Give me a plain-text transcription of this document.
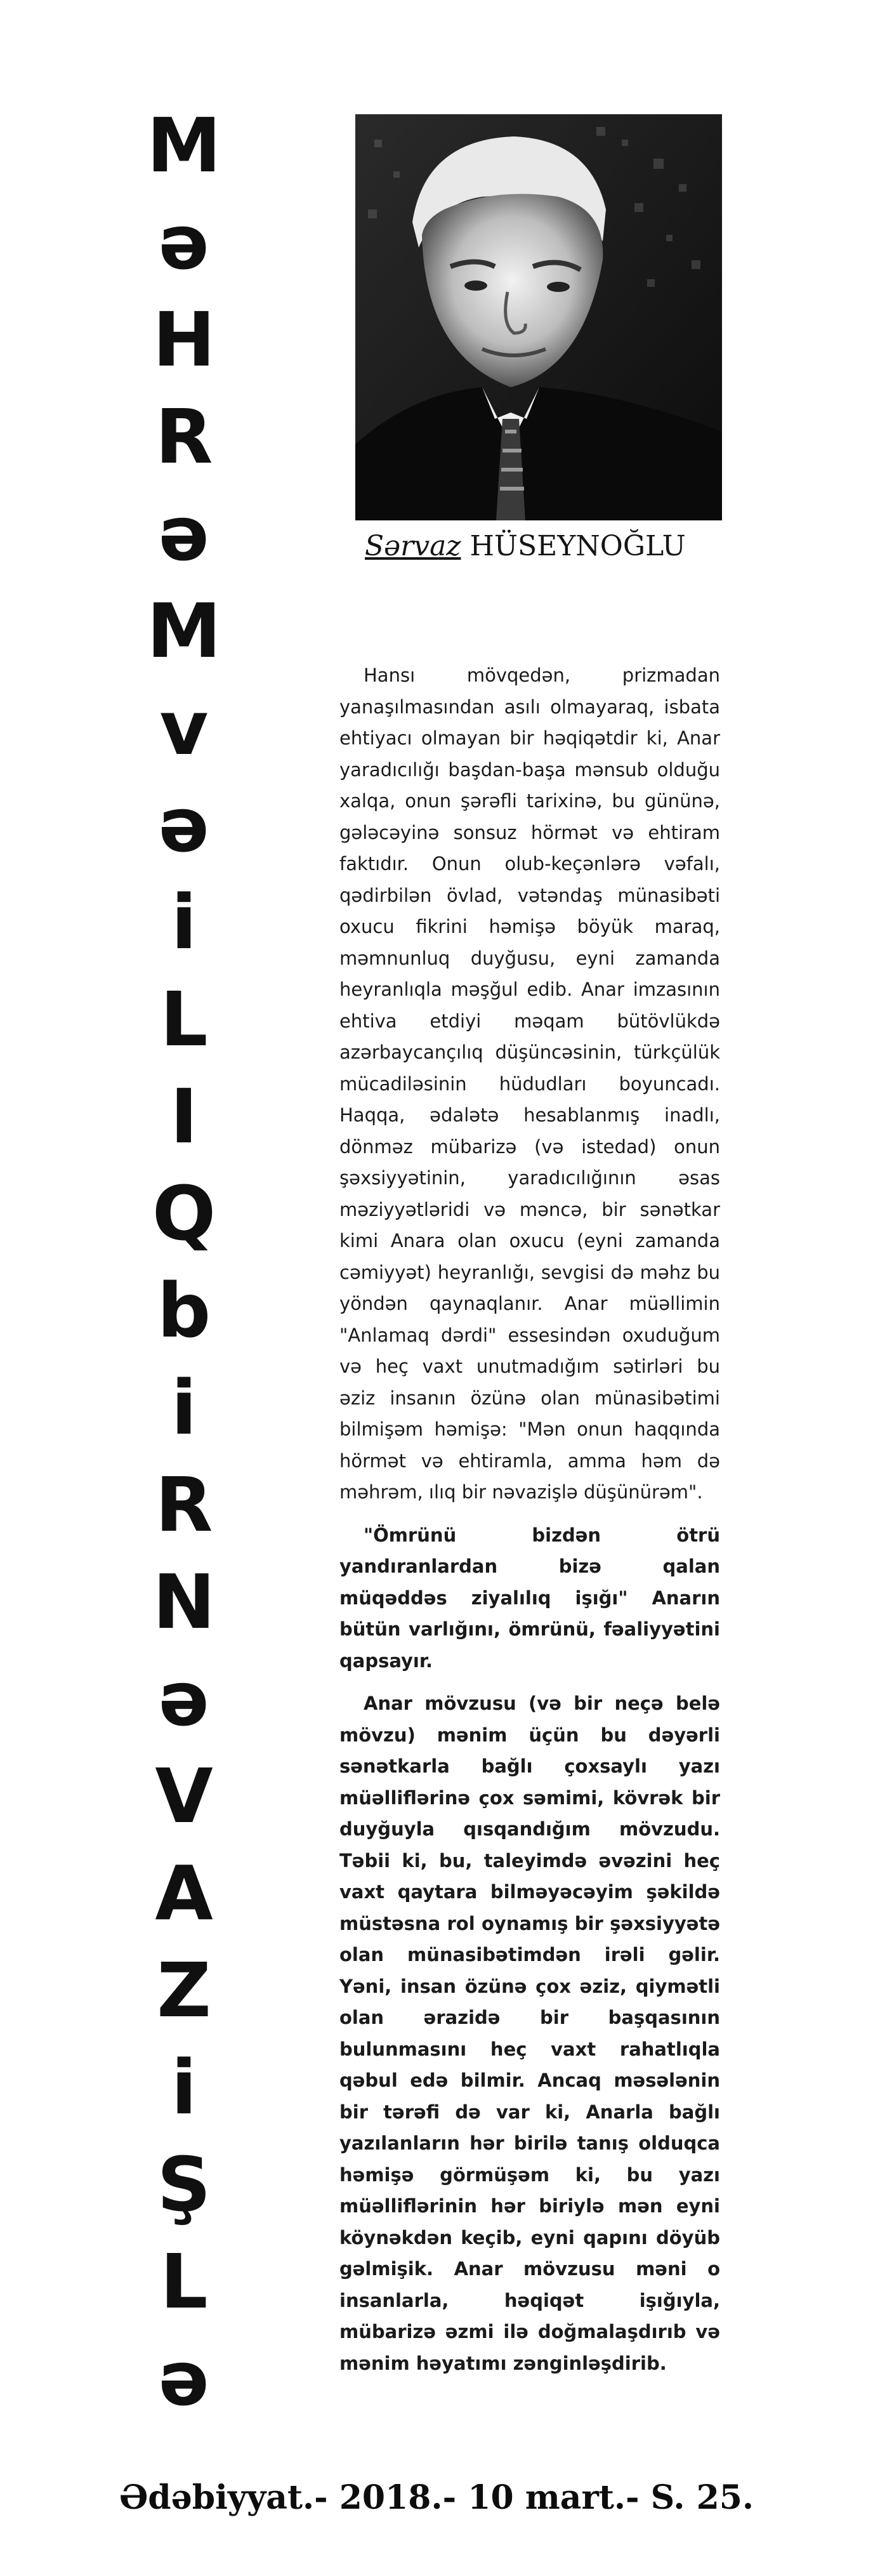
M
ə
H
R
ə
M
v
ə
i
L
I
Q
b
i
R
N
ə
V
A
Z
i
Ş
L
ə
Sərvaz HÜSEYNOĞLU

Hansı mövqedən, prizmadan yanaşılmasından asılı olmayaraq, isbata ehtiyacı olmayan bir həqiqətdir ki, Anar yaradıcılığı başdan-başa mənsub olduğu xalqa, onun şərəfli tarixinə, bu gününə, gələcəyinə sonsuz hörmət və ehtiram faktıdır. Onun olub-keçənlərə vəfalı, qədirbilən övlad, vətəndaş münasibəti oxucu fikrini həmişə böyük maraq, məmnunluq duyğusu, eyni zamanda heyranlıqla məşğul edib. Anar imzasının ehtiva etdiyi məqam bütövlükdə azərbaycançılıq düşüncəsinin, türkçülük mücadiləsinin hüdudları boyuncadı. Haqqa, ədalətə hesablanmış inadlı, dönməz mübarizə (və istedad) onun şəxsiyyətinin, yaradıcılığının əsas məziyyətləridi və məncə, bir sənətkar kimi Anara olan oxucu (eyni zamanda cəmiyyət) heyranlığı, sevgisi də məhz bu yöndən qaynaqlanır. Anar müəllimin "Anlamaq dərdi" essesindən oxuduğum və heç vaxt unutmadığım sətirləri bu əziz insanın özünə olan münasibətimi bilmişəm həmişə: "Mən onun haqqında hörmət və ehtiramla, amma həm də məhrəm, ılıq bir nəvazişlə düşünürəm".

"Ömrünü bizdən ötrü yandıranlardan bizə qalan müqəddəs ziyalılıq işığı" Anarın bütün varlığını, ömrünü, fəaliyyətini qapsayır.

Anar mövzusu (və bir neçə belə mövzu) mənim üçün bu dəyərli sənətkarla bağlı çoxsaylı yazı müəlliflərinə çox səmimi, kövrək bir duyğuyla qısqandığım mövzudu. Təbii ki, bu, taleyimdə əvəzini heç vaxt qaytara bilməyəcəyim şəkildə müstəsna rol oynamış bir şəxsiyyətə olan münasibətimdən irəli gəlir. Yəni, insan özünə çox əziz, qiymətli olan ərazidə bir başqasının bulunmasını heç vaxt rahatlıqla qəbul edə bilmir. Ancaq məsələnin bir tərəfi də var ki, Anarla bağlı yazılanların hər birilə tanış olduqca həmişə görmüşəm ki, bu yazı müəlliflərinin hər biriylə mən eyni köynəkdən keçib, eyni qapını döyüb gəlmişik. Anar mövzusu məni o insanlarla, həqiqət işığıyla, mübarizə əzmi ilə doğmalaşdırıb və mənim həyatımı zənginləşdirib.

Ədəbiyyat.- 2018.- 10 mart.- S. 25.
